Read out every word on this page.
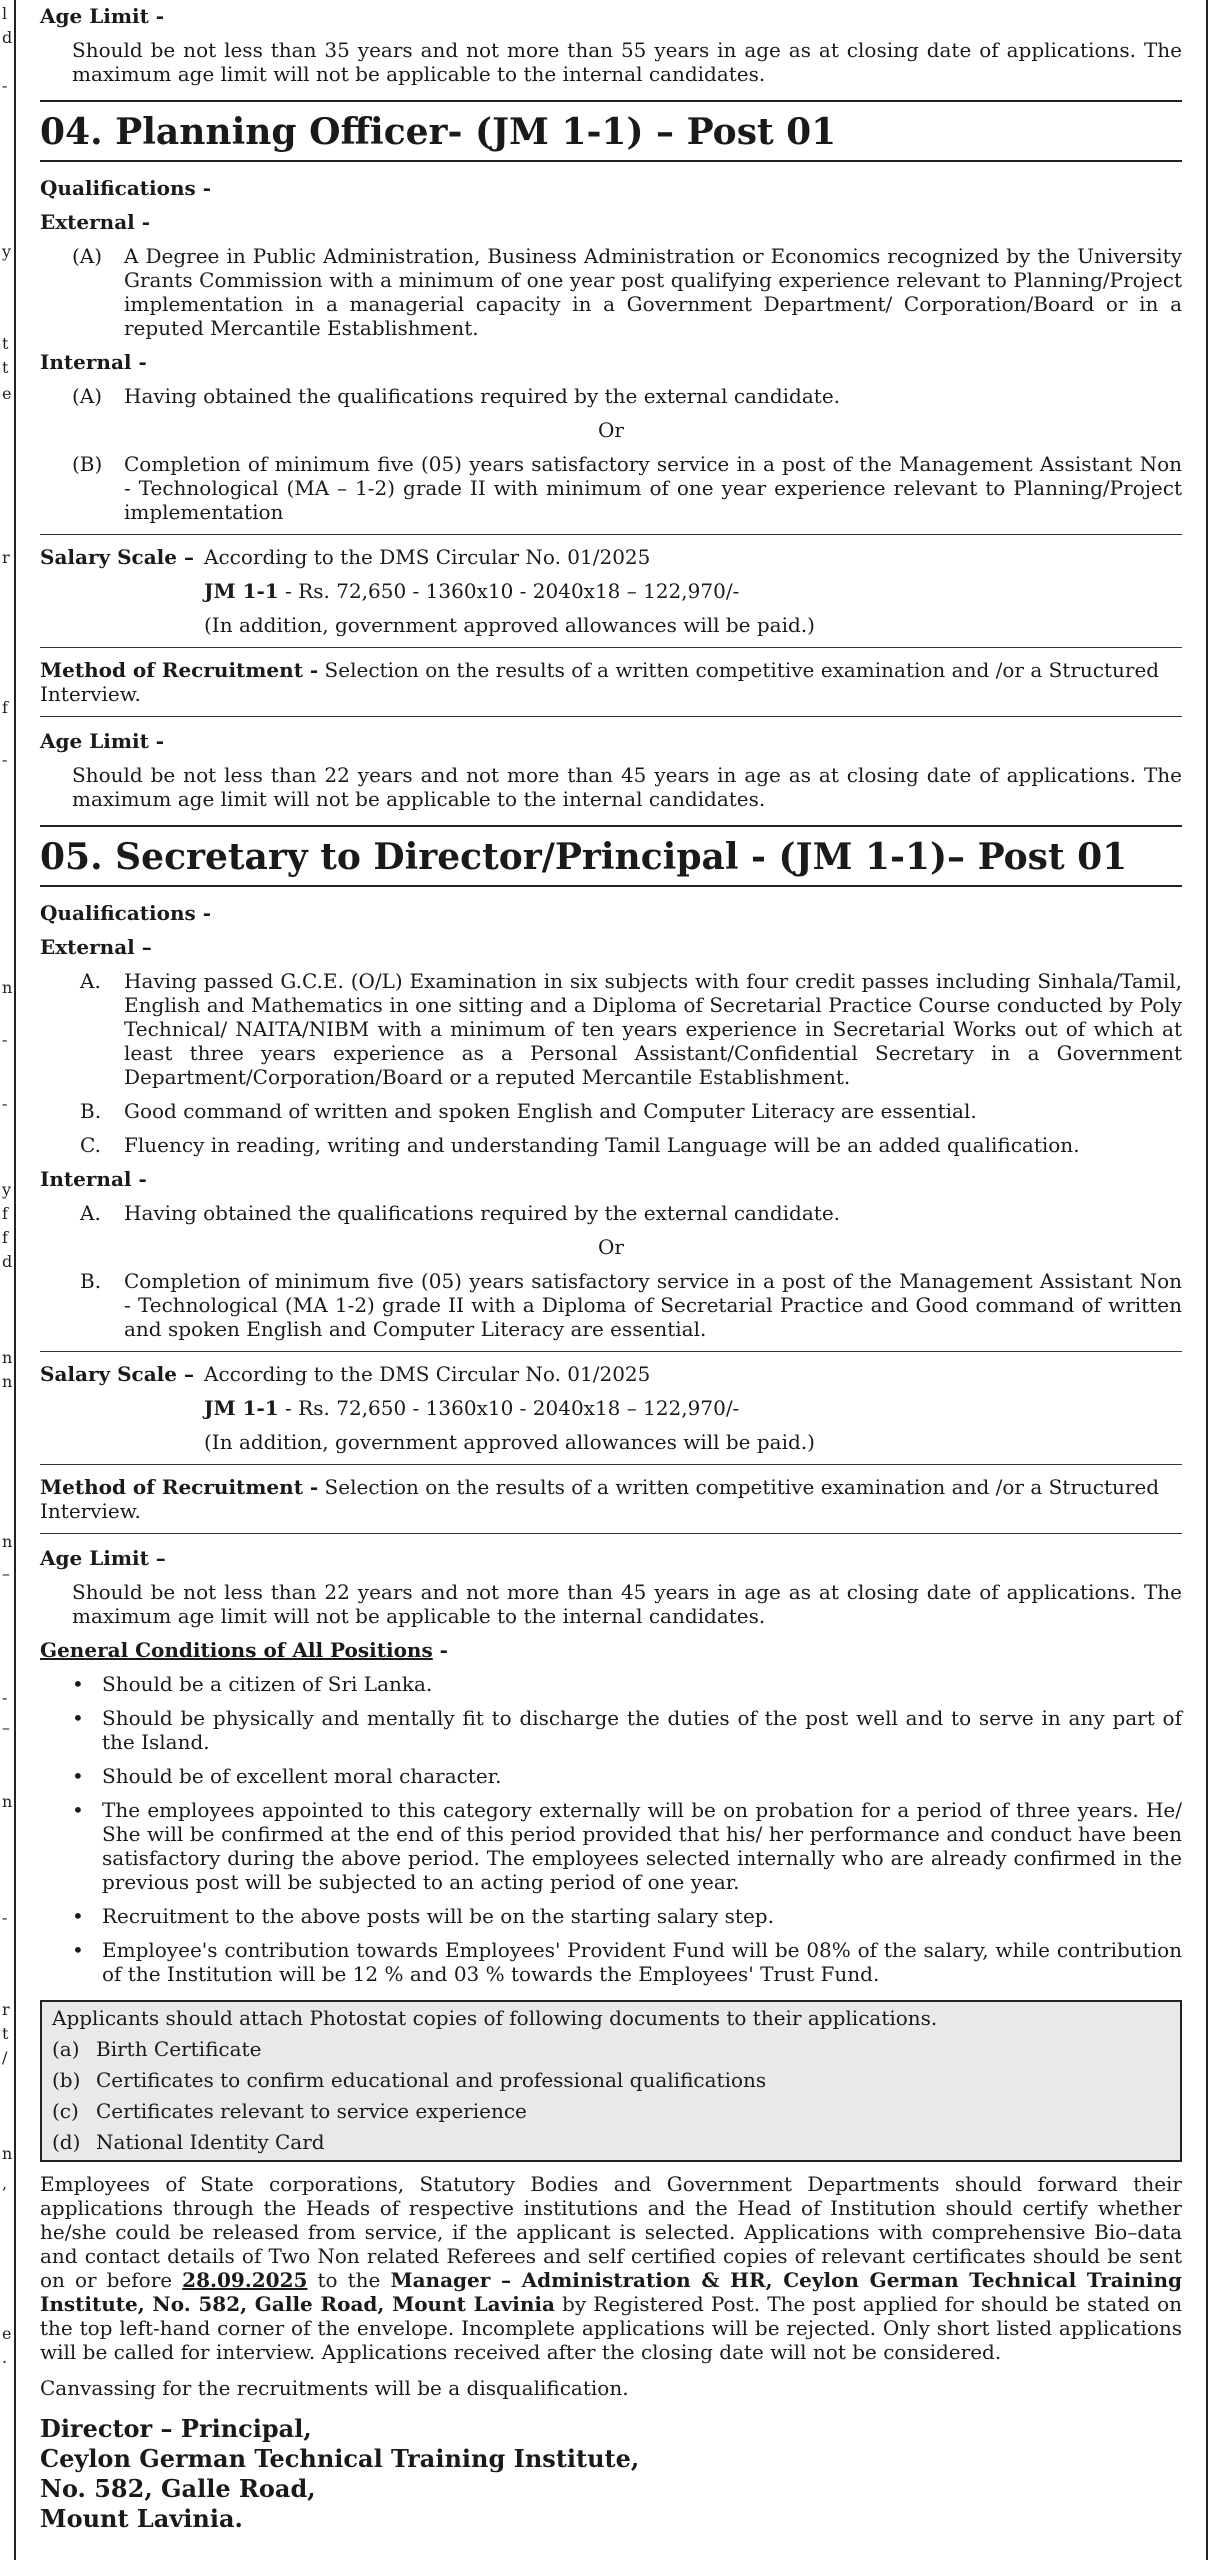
l
d
-
y
t
t
e
r
f
-
n
-
-
y
f
f
d
n
n
n
–
-
–
n
-
r
t
/
n
,
e
.
Age Limit -
Should be not less than 35 years and not more than 55 years in age as at closing date of applications. The maximum age limit will not be applicable to the internal candidates.
04. Planning Officer- (JM 1-1) – Post 01
Qualifications -
External -
(A)	A Degree in Public Administration, Business Administration or Economics recognized by the University Grants Commission with a minimum of one year post qualifying experience relevant to Planning/Project implementation in a managerial capacity in a Government Department/ Corporation/Board or in a reputed Mercantile Establishment.
Internal -
(A)	Having obtained the qualifications required by the external candidate.
Or
(B)	Completion of minimum five (05) years satisfactory service in a post of the Management Assistant Non - Technological (MA – 1-2) grade II with minimum of one year experience relevant to Planning/Project implementation
Salary Scale – According to the DMS Circular No. 01/2025
JM 1-1 - Rs. 72,650 - 1360x10 - 2040x18 – 122,970/-
(In addition, government approved allowances will be paid.)
Method of Recruitment - Selection on the results of a written competitive examination and /or a Structured Interview.
Age Limit -
Should be not less than 22 years and not more than 45 years in age as at closing date of applications. The maximum age limit will not be applicable to the internal candidates.
05. Secretary to Director/Principal - (JM 1-1)– Post 01
Qualifications -
External –
A.	Having passed G.C.E. (O/L) Examination in six subjects with four credit passes including Sinhala/Tamil, English and Mathematics in one sitting and a Diploma of Secretarial Practice Course conducted by Poly Technical/ NAITA/NIBM with a minimum of ten years experience in Secretarial Works out of which at least three years experience as a Personal Assistant/Confidential Secretary in a Government Department/Corporation/Board or a reputed Mercantile Establishment.
B.	Good command of written and spoken English and Computer Literacy are essential.
C.	Fluency in reading, writing and understanding Tamil Language will be an added qualification.
Internal -
A.	Having obtained the qualifications required by the external candidate.
Or
B.	Completion of minimum five (05) years satisfactory service in a post of the Management Assistant Non - Technological (MA 1-2) grade II with a Diploma of Secretarial Practice and Good command of written and spoken English and Computer Literacy are essential.
Salary Scale – According to the DMS Circular No. 01/2025
JM 1-1 - Rs. 72,650 - 1360x10 - 2040x18 – 122,970/-
(In addition, government approved allowances will be paid.)
Method of Recruitment - Selection on the results of a written competitive examination and /or a Structured Interview.
Age Limit –
Should be not less than 22 years and not more than 45 years in age as at closing date of applications. The maximum age limit will not be applicable to the internal candidates.
General Conditions of All Positions -
•
Should be a citizen of Sri Lanka.
•
Should be physically and mentally fit to discharge the duties of the post well and to serve in any part of the Island.
•
Should be of excellent moral character.
•
The employees appointed to this category externally will be on probation for a period of three years. He/ She will be confirmed at the end of this period provided that his/ her performance and conduct have been satisfactory during the above period. The employees selected internally who are already confirmed in the previous post will be subjected to an acting period of one year.
•
Recruitment to the above posts will be on the starting salary step.
•
Employee's contribution towards Employees' Provident Fund will be 08% of the salary, while contribution of the Institution will be 12 % and 03 % towards the Employees' Trust Fund.
Applicants should attach Photostat copies of following documents to their applications.
(a) Birth Certificate
(b) Certificates to confirm educational and professional qualifications
(c) Certificates relevant to service experience
(d) National Identity Card
Employees of State corporations, Statutory Bodies and Government Departments should forward their applications through the Heads of respective institutions and the Head of Institution should certify whether he/she could be released from service, if the applicant is selected. Applications with comprehensive Bio–data and contact details of Two Non related Referees and self certified copies of relevant certificates should be sent on or before 28.09.2025 to the Manager – Administration & HR, Ceylon German Technical Training Institute, No. 582, Galle Road, Mount Lavinia by Registered Post. The post applied for should be stated on the top left-hand corner of the envelope. Incomplete applications will be rejected. Only short listed applications will be called for interview. Applications received after the closing date will not be considered.
Canvassing for the recruitments will be a disqualification.
Director – Principal,
Ceylon German Technical Training Institute,
No. 582, Galle Road,
Mount Lavinia.
